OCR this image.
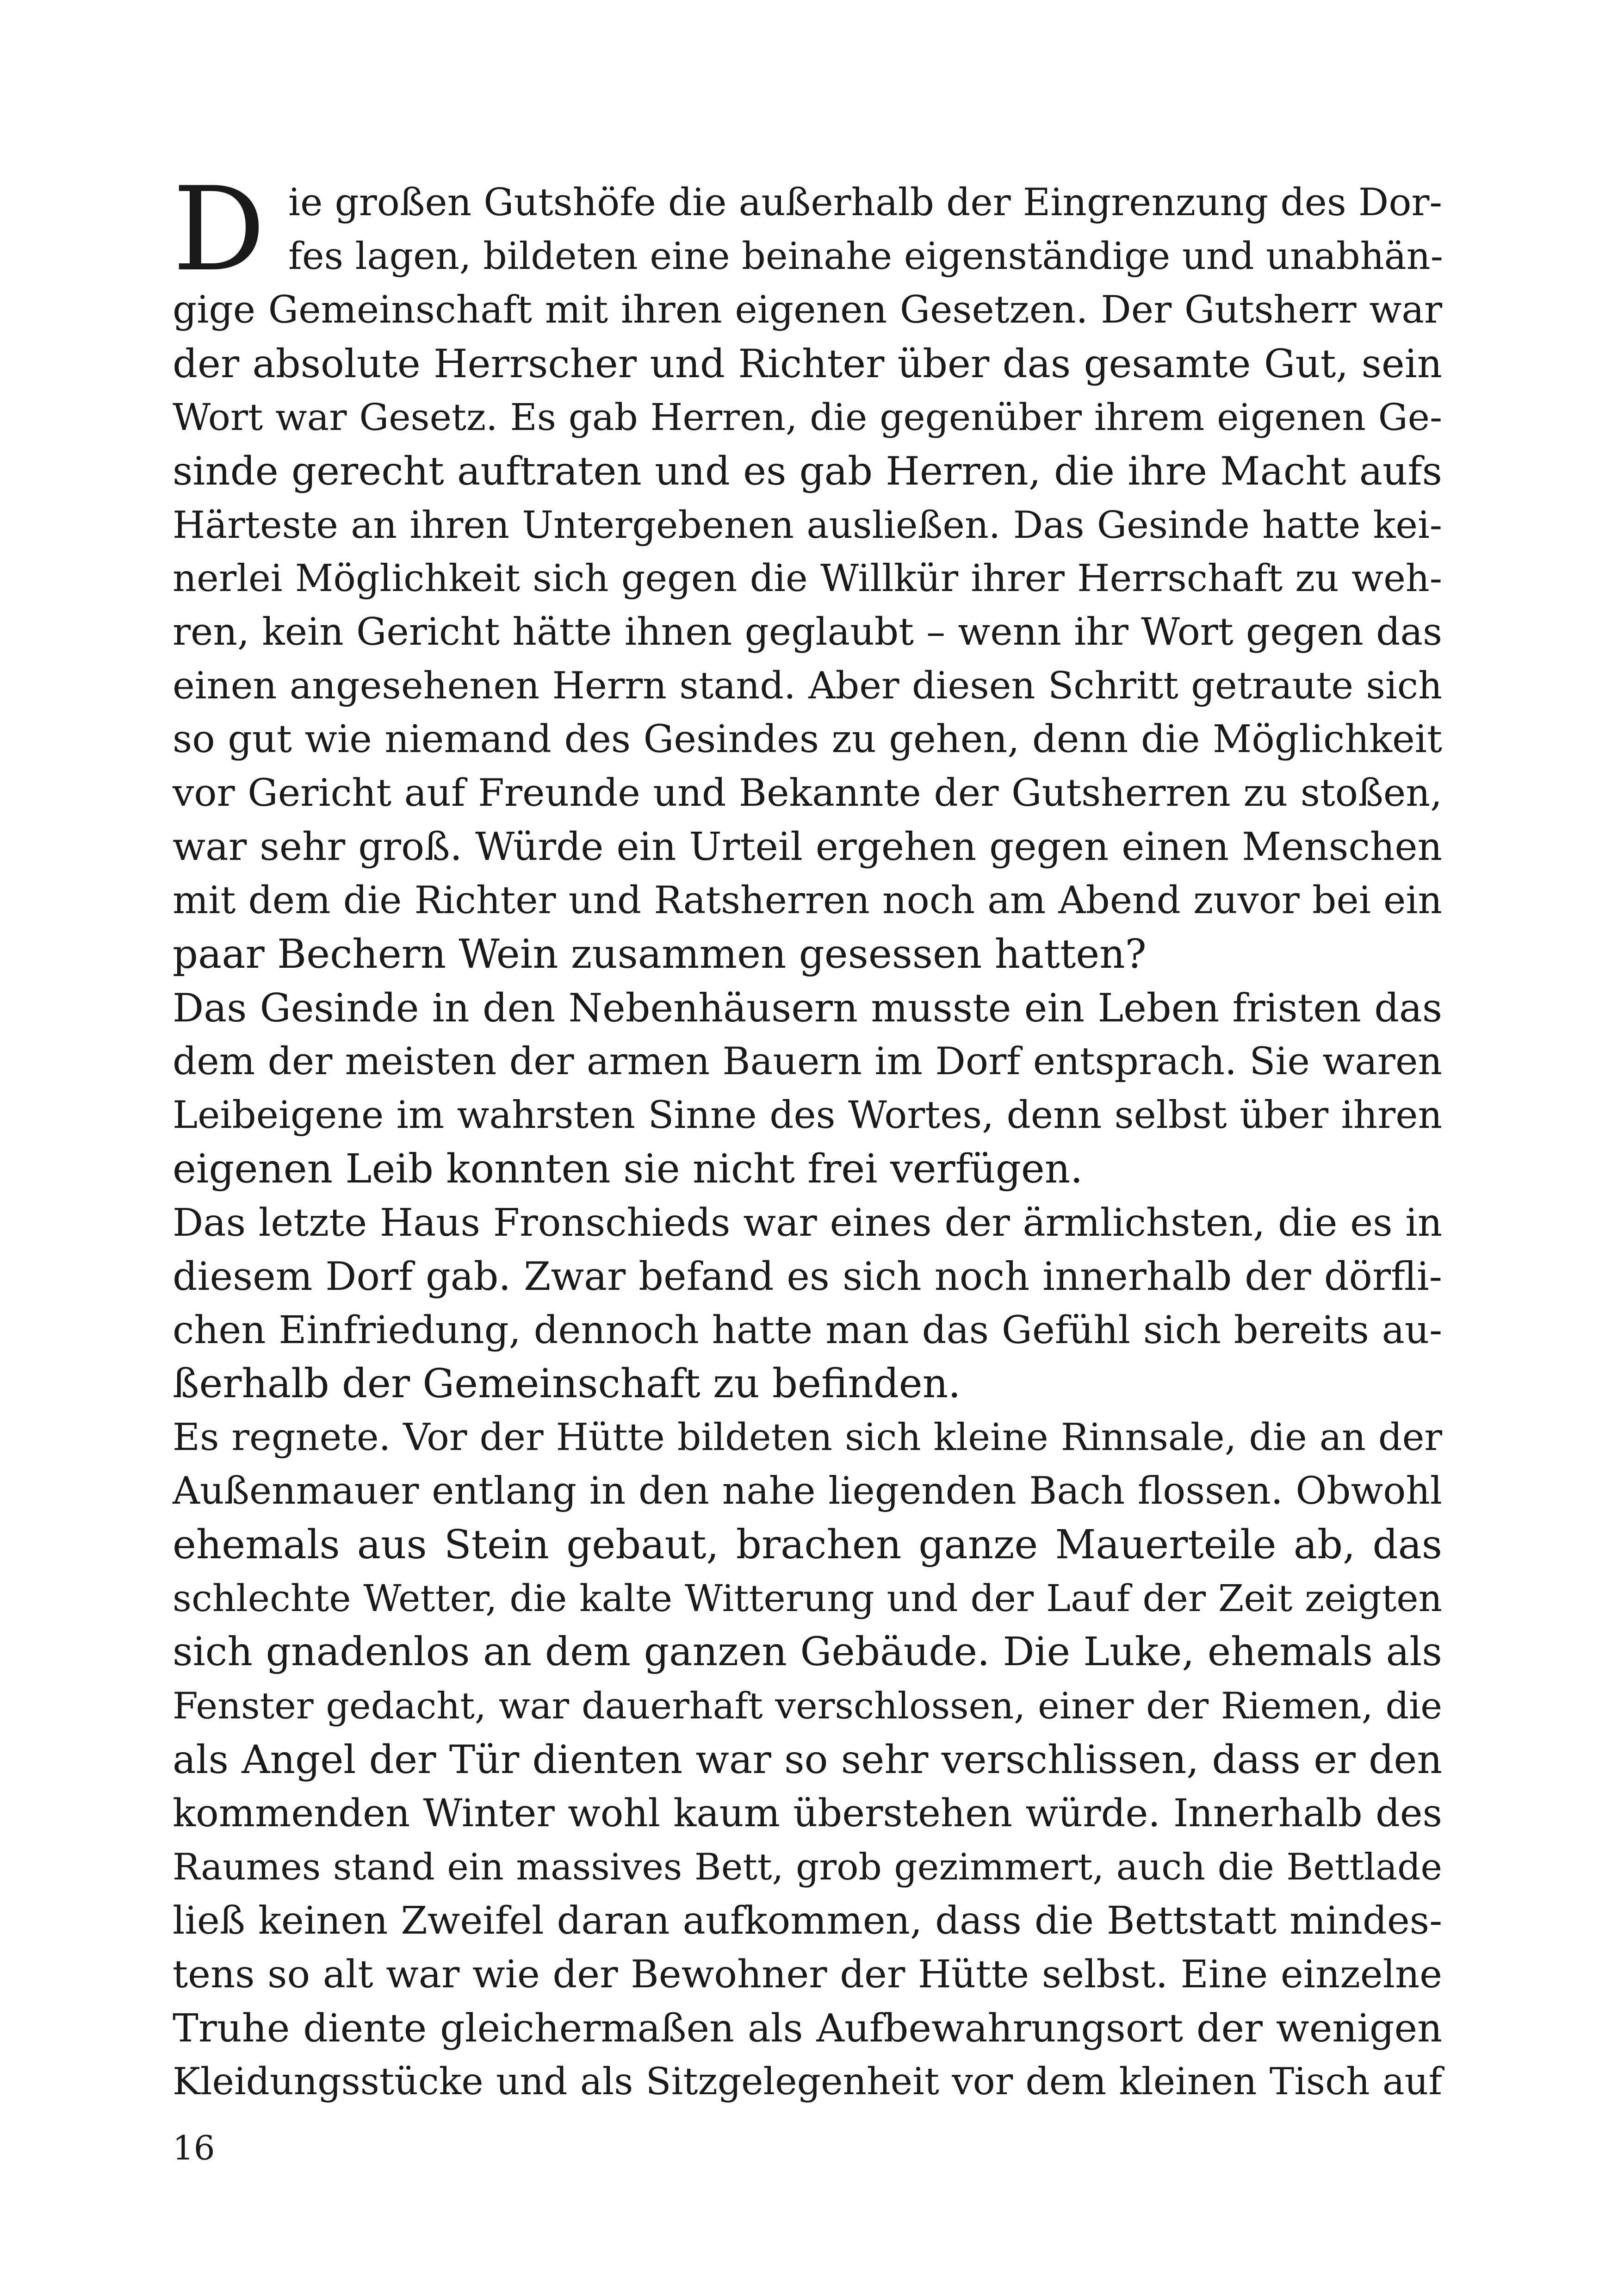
D ie großen Gutshöfe die außerhalb der Eingrenzung des Dor-
fes lagen, bildeten eine beinahe eigenständige und unabhän-
gige Gemeinschaft mit ihren eigenen Gesetzen. Der Gutsherr war
der absolute Herrscher und Richter über das gesamte Gut, sein
Wort war Gesetz. Es gab Herren, die gegenüber ihrem eigenen Ge-
sinde gerecht auftraten und es gab Herren, die ihre Macht aufs
Härteste an ihren Untergebenen ausließen. Das Gesinde hatte kei-
nerlei Möglichkeit sich gegen die Willkür ihrer Herrschaft zu weh-
ren, kein Gericht hätte ihnen geglaubt – wenn ihr Wort gegen das
einen angesehenen Herrn stand. Aber diesen Schritt getraute sich
so gut wie niemand des Gesindes zu gehen, denn die Möglichkeit
vor Gericht auf Freunde und Bekannte der Gutsherren zu stoßen,
war sehr groß. Würde ein Urteil ergehen gegen einen Menschen
mit dem die Richter und Ratsherren noch am Abend zuvor bei ein
paar Bechern Wein zusammen gesessen hatten?
Das Gesinde in den Nebenhäusern musste ein Leben fristen das
dem der meisten der armen Bauern im Dorf entsprach. Sie waren
Leibeigene im wahrsten Sinne des Wortes, denn selbst über ihren
eigenen Leib konnten sie nicht frei verfügen.
Das letzte Haus Fronschieds war eines der ärmlichsten, die es in
diesem Dorf gab. Zwar befand es sich noch innerhalb der dörfli-
chen Einfriedung, dennoch hatte man das Gefühl sich bereits au-
ßerhalb der Gemeinschaft zu befinden.
Es regnete. Vor der Hütte bildeten sich kleine Rinnsale, die an der
Außenmauer entlang in den nahe liegenden Bach flossen. Obwohl
ehemals aus Stein gebaut, brachen ganze Mauerteile ab, das
schlechte Wetter, die kalte Witterung und der Lauf der Zeit zeigten
sich gnadenlos an dem ganzen Gebäude. Die Luke, ehemals als
Fenster gedacht, war dauerhaft verschlossen, einer der Riemen, die
als Angel der Tür dienten war so sehr verschlissen, dass er den
kommenden Winter wohl kaum überstehen würde. Innerhalb des
Raumes stand ein massives Bett, grob gezimmert, auch die Bettlade
ließ keinen Zweifel daran aufkommen, dass die Bettstatt mindes-
tens so alt war wie der Bewohner der Hütte selbst. Eine einzelne
Truhe diente gleichermaßen als Aufbewahrungsort der wenigen
Kleidungsstücke und als Sitzgelegenheit vor dem kleinen Tisch auf
16
